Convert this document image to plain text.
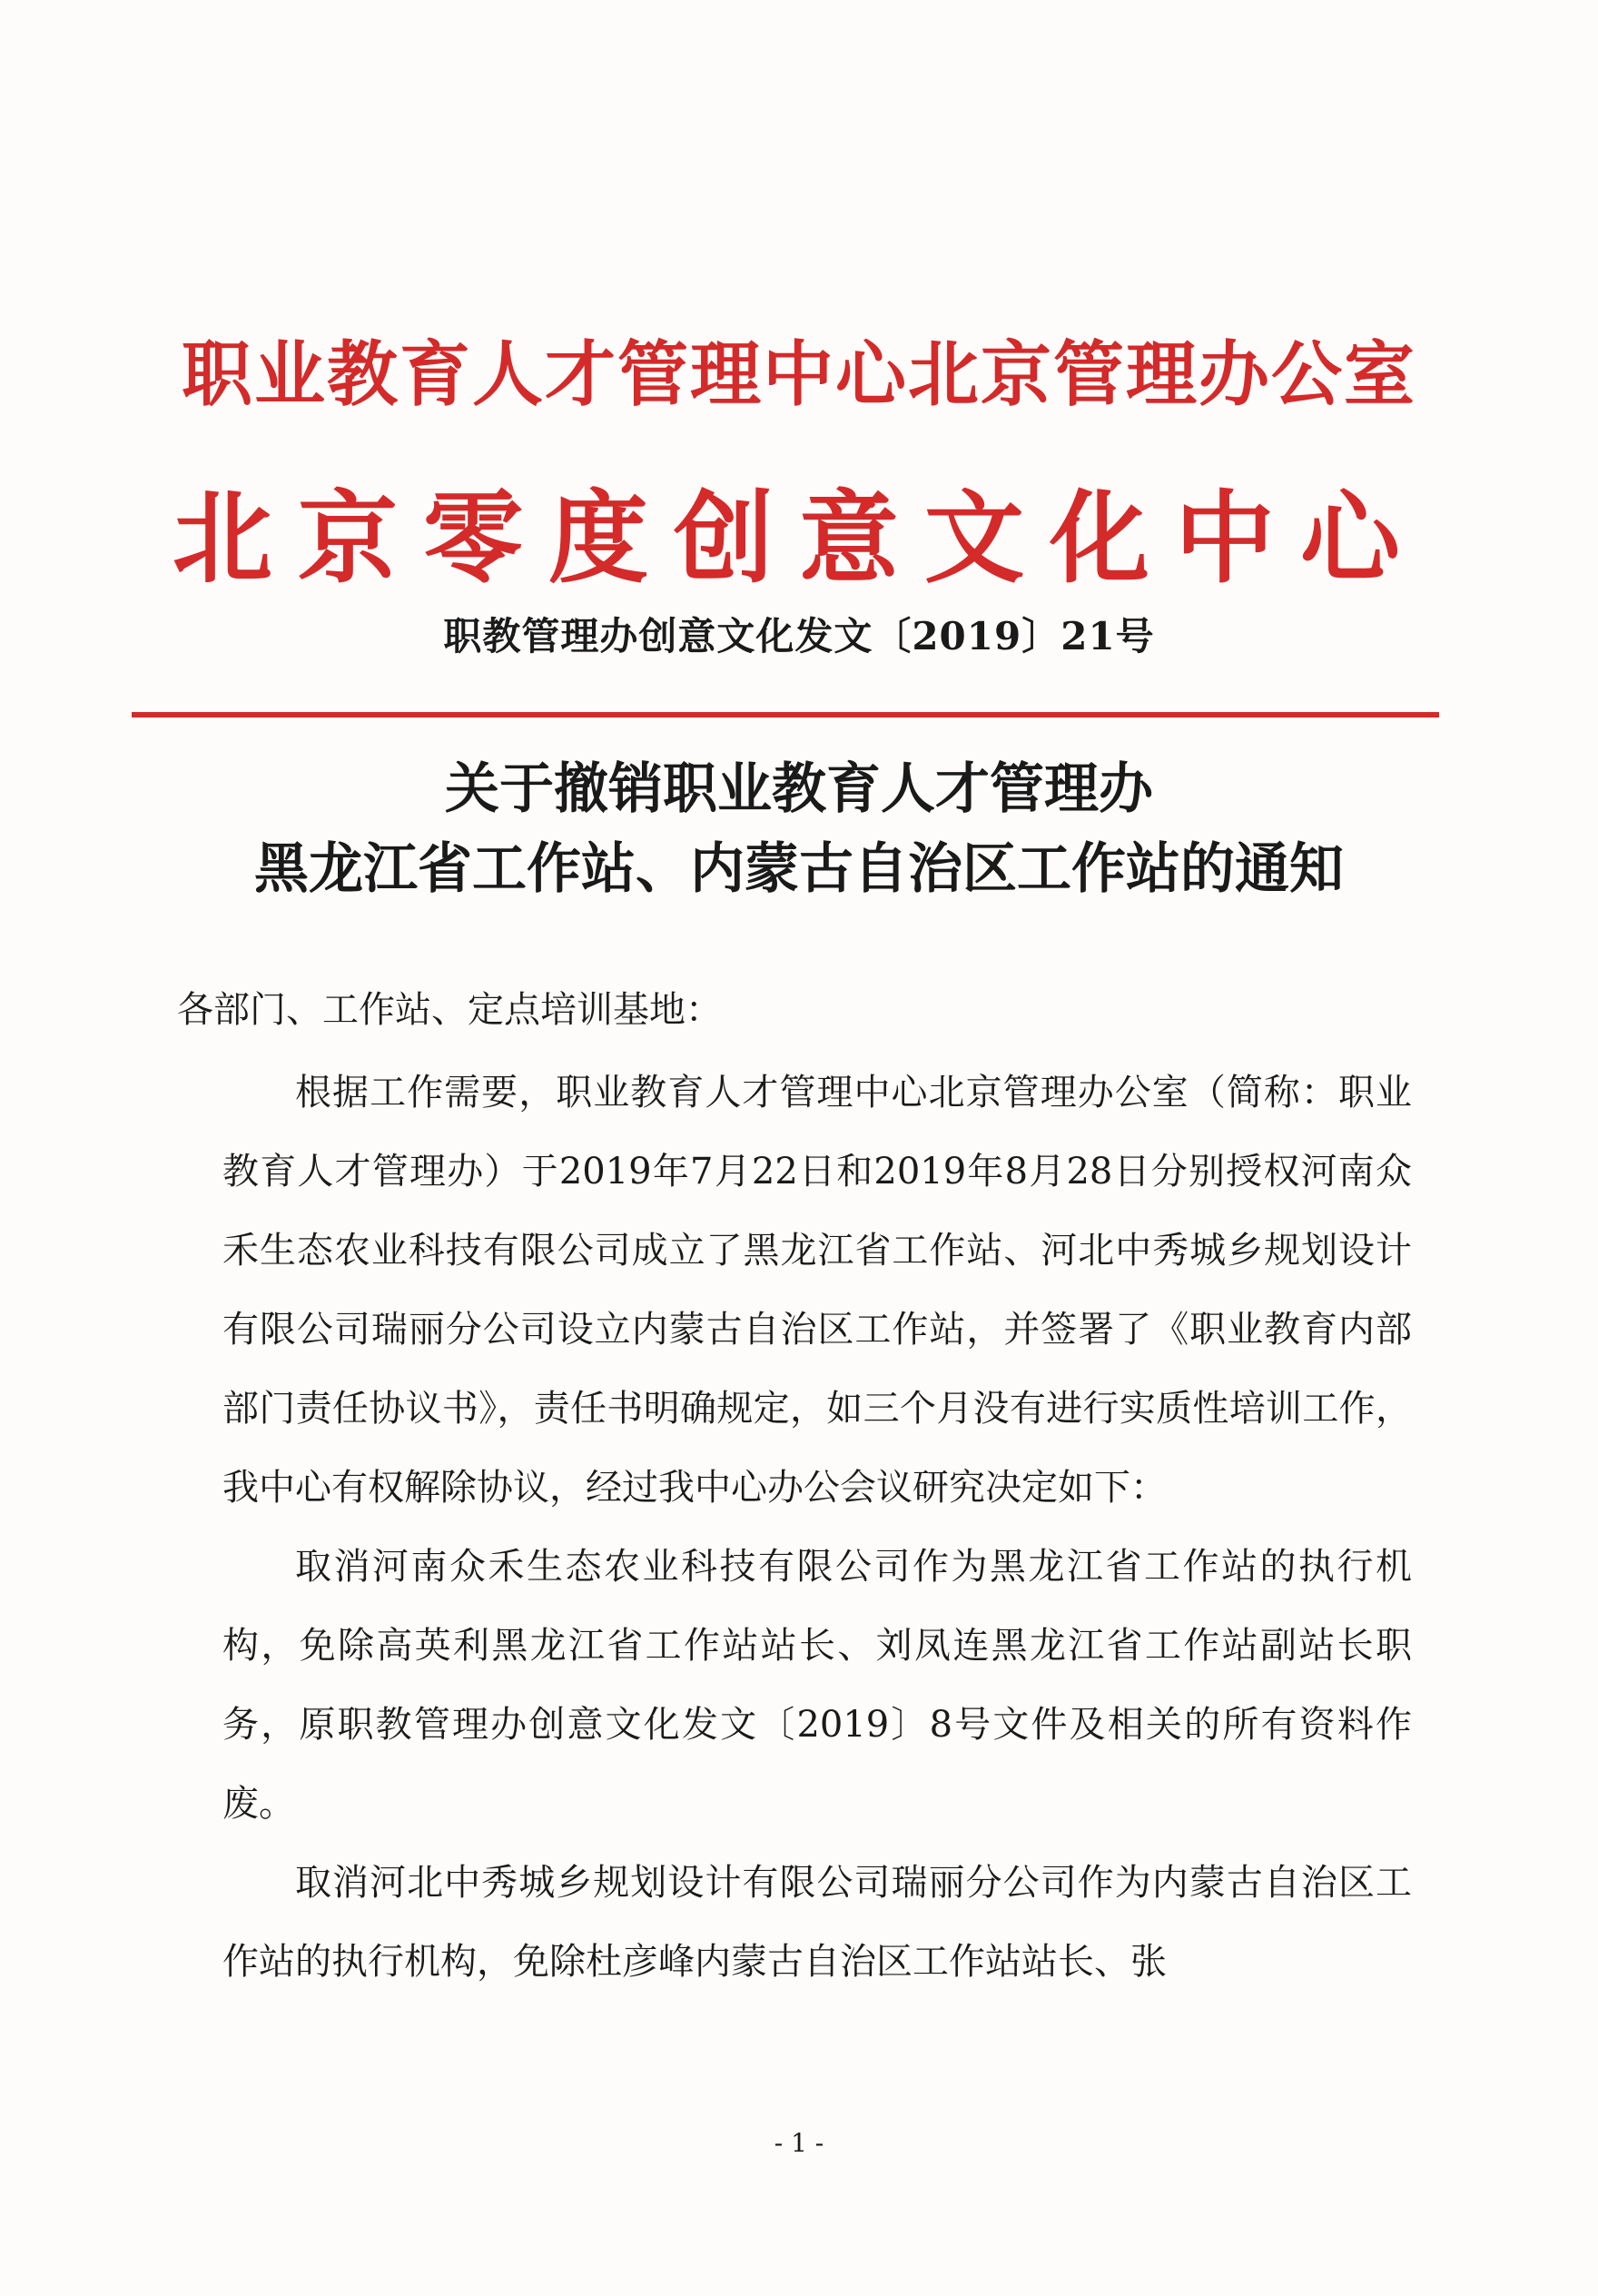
职业教育人才管理中心北京管理办公室
北京零度创意文化中心
职教管理办创意文化发文〔2019〕21号
关于撤销职业教育人才管理办
黑龙江省工作站、内蒙古自治区工作站的通知
各部门、工作站、定点培训基地：

根据工作需要，职业教育人才管理中心北京管理办公室（简称：职业教育人才管理办）于2019年7月22日和2019年8月28日分别授权河南众禾生态农业科技有限公司成立了黑龙江省工作站、河北中秀城乡规划设计有限公司瑞丽分公司设立内蒙古自治区工作站，并签署了《职业教育内部部门责任协议书》，责任书明确规定，如三个月没有进行实质性培训工作，我中心有权解除协议，经过我中心办公会议研究决定如下：

取消河南众禾生态农业科技有限公司作为黑龙江省工作站的执行机构，免除高英利黑龙江省工作站站长、刘凤连黑龙江省工作站副站长职务，原职教管理办创意文化发文〔2019〕8号文件及相关的所有资料作废。

取消河北中秀城乡规划设计有限公司瑞丽分公司作为内蒙古自治区工作站的执行机构，免除杜彦峰内蒙古自治区工作站站长、张

- 1 -
